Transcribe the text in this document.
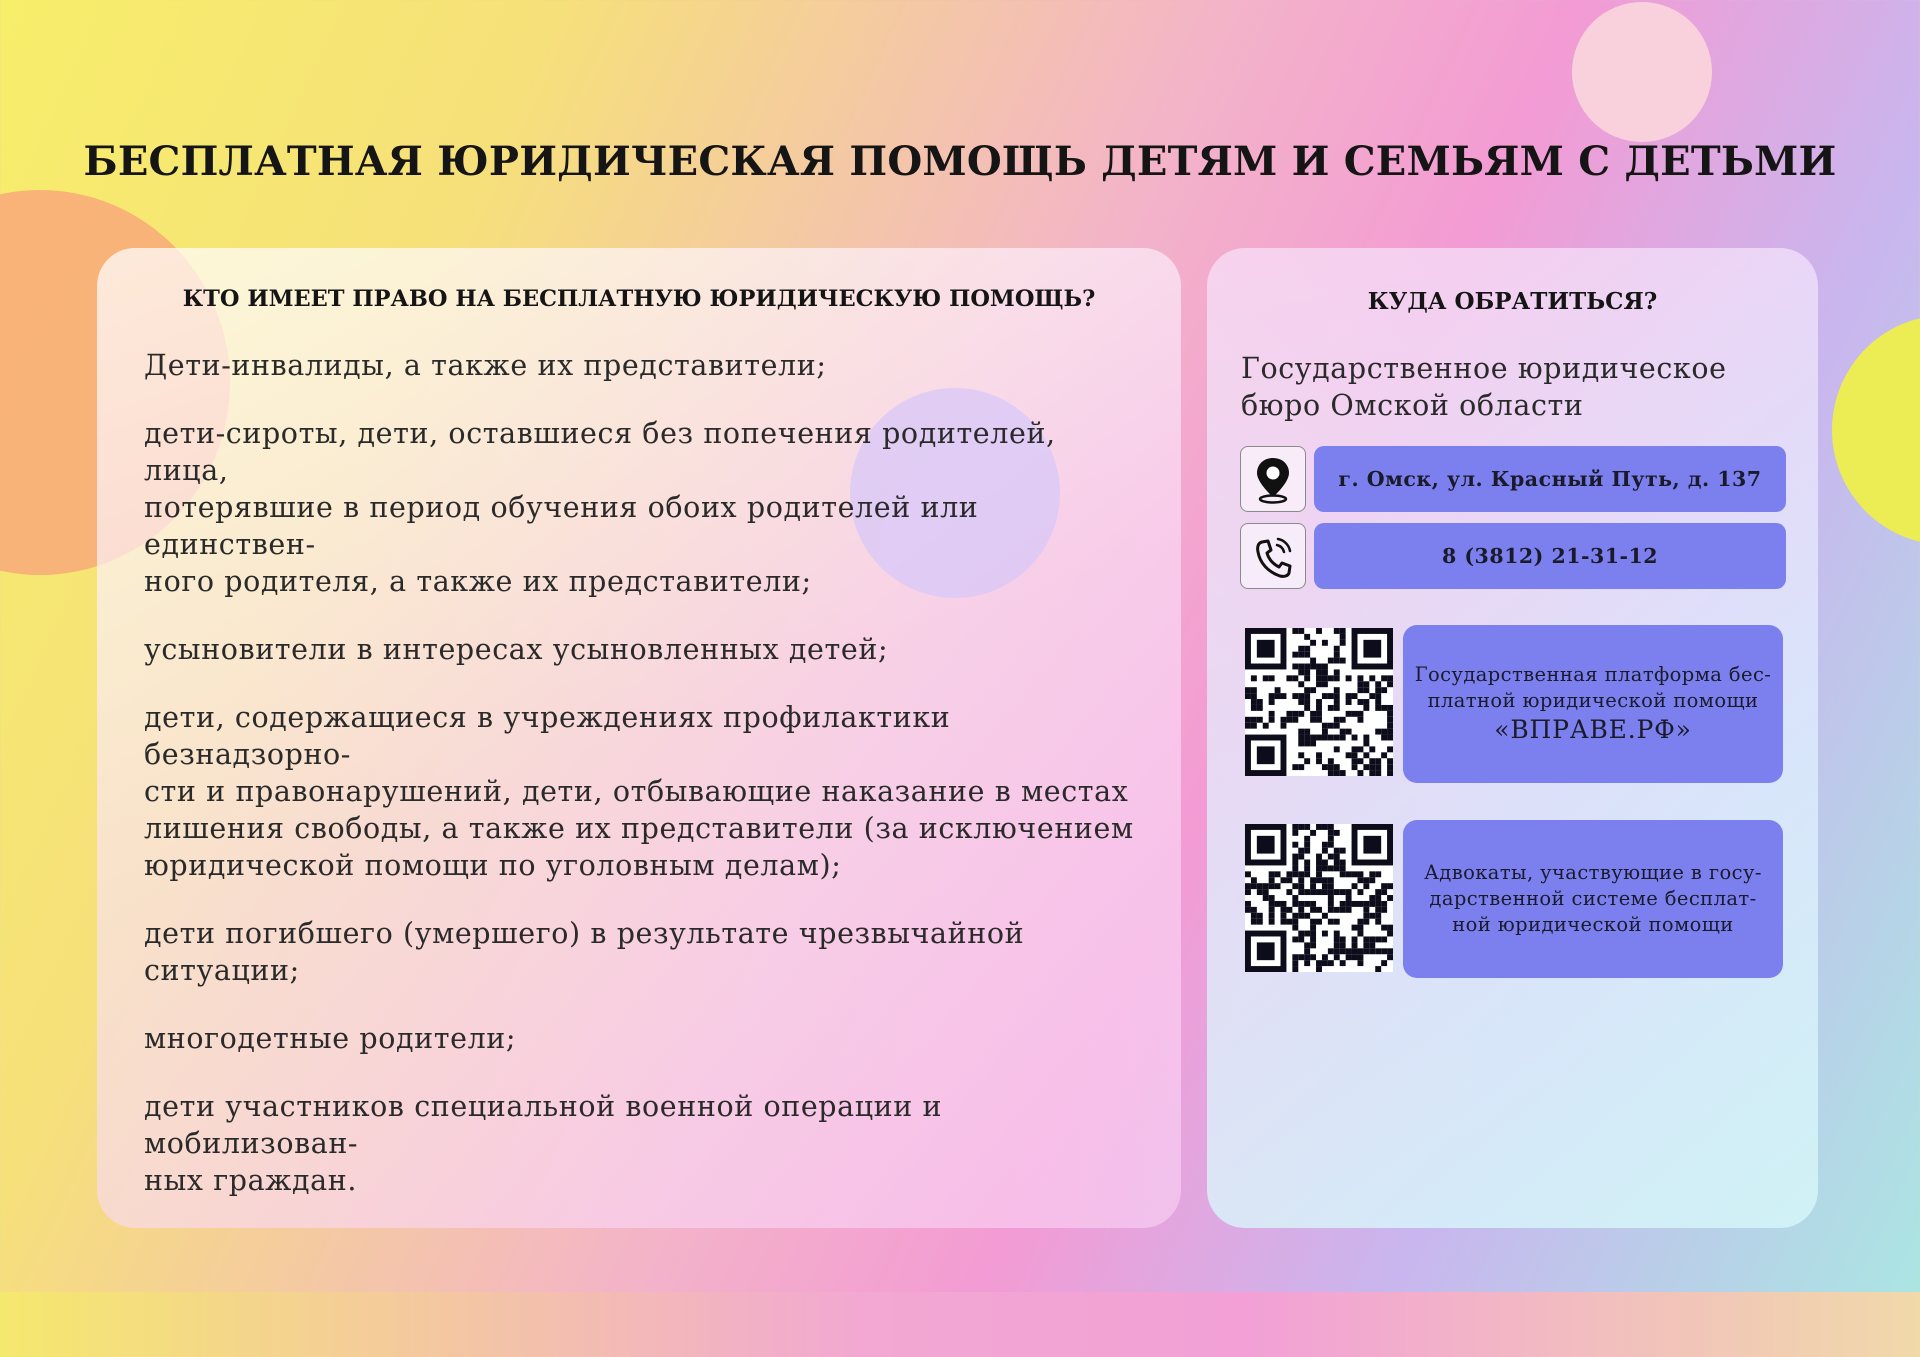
БЕСПЛАТНАЯ ЮРИДИЧЕСКАЯ ПОМОЩЬ ДЕТЯМ И СЕМЬЯМ С ДЕТЬМИ
КТО ИМЕЕТ ПРАВО НА БЕСПЛАТНУЮ ЮРИДИЧЕСКУЮ ПОМОЩЬ?
Дети-инвалиды, а также их представители;
дети-сироты, дети, оставшиеся без попечения родителей, лица,
потерявшие в период обучения обоих родителей или единствен-
ного родителя, а также их представители;
усыновители в интересах усыновленных детей;
дети, содержащиеся в учреждениях профилактики безнадзорно-
сти и правонарушений, дети, отбывающие наказание в местах
лишения свободы, а также их представители (за исключением
юридической помощи по уголовным делам);
дети погибшего (умершего) в результате чрезвычайной ситуации;
многодетные родители;
дети участников специальной военной операции и мобилизован-
ных граждан.
КУДА ОБРАТИТЬСЯ?

Государственное юридическое
бюро Омской области

г. Омск, ул. Красный Путь, д. 137
8 (3812) 21-31-12
Государственная платформа бес-
платной юридической помощи
«ВПРАВЕ.РФ»
Адвокаты, участвующие в госу-
дарственной системе бесплат-
ной юридической помощи
